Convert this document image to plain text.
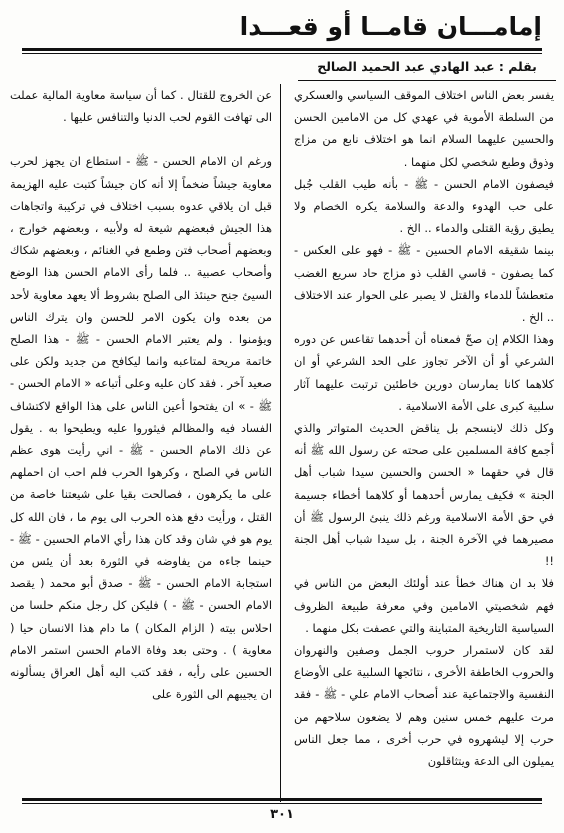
إمامـــان قامــا أو قعـــدا
بقلم : عبد الهادي عبد الحميد الصالح

يفسر بعض الناس اختلاف الموقف السياسي والعسكري من السلطة الأموية في عهدي كل من الامامين الحسن والحسين عليهما السلام انما هو اختلاف نابع من مزاج وذوق وطبع شخصي لكل منهما .

فيصفون الامام الحسن - ﷺ - بأنه طيب القلب جُبل على حب الهدوء والدعة والسلامة يكره الخصام ولا يطيق رؤية القتلى والدماء .. الخ .

بينما شقيقه الامام الحسين - ﷺ - فهو على العكس - كما يصفون - قاسي القلب ذو مزاج حاد سريع الغضب متعطشاً للدماء والقتل لا يصبر على الحوار عند الاختلاف .. الخ .

وهذا الكلام إن صحّ فمعناه أن أحدهما تقاعس عن دوره الشرعي أو أن الآخر تجاوز على الحد الشرعي أو ان كلاهما كانا يمارسان دورين خاطئين ترتبت عليهما آثار سلبية كبرى على الأمة الاسلامية .

وكل ذلك لاينسجم بل يناقض الحديث المتواتر والذي أجمع كافة المسلمين على صحته عن رسول الله ﷺ أنه قال في حقهما « الحسن والحسين سيدا شباب أهل الجنة » فكيف يمارس أحدهما أو كلاهما أخطاء جسيمة في حق الأمة الاسلامية ورغم ذلك ينبئ الرسول ﷺ أن مصيرهما في الآخرة الجنة ، بل سيدا شباب أهل الجنة !!

فلا بد ان هناك خطأ عند أولئك البعض من الناس في فهم شخصيتي الامامين وفي معرفة طبيعة الظروف السياسية التاريخية المتباينة والتي عصفت بكل منهما .

لقد كان لاستمرار حروب الجمل وصفين والنهروان والحروب الخاطفة الأخرى ، نتائجها السلبية على الأوضاع النفسية والاجتماعية عند أصحاب الامام علي - ﷺ - فقد مرت عليهم خمس سنين وهم لا يضعون سلاحهم من حرب إلا ليشهروه في حرب أخرى ، مما جعل الناس يميلون الى الدعة ويتثاقلون

عن الخروج للقتال . كما أن سياسة معاوية المالية عملت الى تهافت القوم لحب الدنيا والتنافس عليها .

ورغم ان الامام الحسن - ﷺ - استطاع ان يجهز لحرب معاوية جيشاً ضخماً إلا أنه كان جيشاً كتبت عليه الهزيمة قبل ان يلاقي عدوه بسبب اختلاف في تركيبة واتجاهات هذا الجيش فبعضهم شيعة له ولأبيه ، وبعضهم خوارج ، وبعضهم أصحاب فتن وطمع في الغنائم ، وبعضهم شكاك وأصحاب عصبية .. فلما رأى الامام الحسن هذا الوضع السيئ جنح حينئذ الى الصلح بشروط ألا يعهد معاوية لأحد من بعده وان يكون الامر للحسن وان يترك الناس ويؤمنوا . ولم يعتبر الامام الحسن - ﷺ - هذا الصلح خاتمة مريحة لمتاعبه وانما ليكافح من جديد ولكن على صعيد آخر . فقد كان عليه وعلى أتباعه « الامام الحسن - ﷺ - » ان يفتحوا أعين الناس على هذا الواقع لاكتشاف الفساد فيه والمظالم فيثوروا عليه ويطيحوا به . يقول عن ذلك الامام الحسن - ﷺ - اني رأيت هوى عظم الناس في الصلح ، وكرهوا الحرب فلم احب ان احملهم على ما يكرهون ، فصالحت بقيا على شيعتنا خاصة من القتل ، ورأيت دفع هذه الحرب الى يوم ما ، فان الله كل يوم هو في شان وقد كان هذا رأي الامام الحسين - ﷺ - حينما جاءه من يفاوضه في الثورة بعد أن يئس من استجابة الامام الحسن - ﷺ - صدق أبو محمد ( يقصد الامام الحسن - ﷺ - ) فليكن كل رجل منكم حلسا من احلاس بيته ( الزام المكان ) ما دام هذا الانسان حيا ( معاوية ) . وحتى بعد وفاة الامام الحسن استمر الامام الحسين على رأيه ، فقد كتب اليه أهل العراق يسألونه ان يجيبهم الى الثورة على

٣٠١
